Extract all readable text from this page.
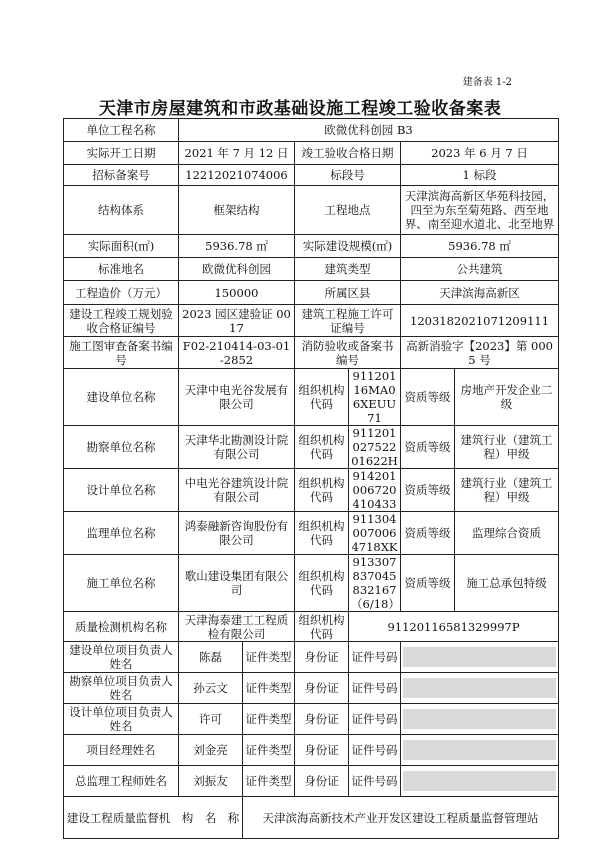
建备表 1-2
天津市房屋建筑和市政基础设施工程竣工验收备案表
单位工程名称	欧微优科创园 B3					
实际开工日期	2021 年 7 月 12 日		竣工验收合格日期		2023 年 6 月 7 日	
招标备案号	12212021074006		标段号		1 标段	
结构体系	框架结构		工程地点		天津滨海高新区华苑科技园，四至为东至菊苑路、西至地界、南至迎水道北、北至地界	
实际面积(㎡)	5936.78 ㎡		实际建设规模(㎡)		5936.78 ㎡	
标准地名	欧微优科创园		建筑类型		公共建筑	
工程造价（万元）	150000		所属区县		天津滨海高新区	
建设工程竣工规划验收合格证编号	2023 园区建验证 0017		建筑工程施工许可证编号		1203182021071209111	
施工图审查备案书编号	F02-210414-03-01-2852		消防验收或备案书编号		高新消验字【2023】第 0005 号	
建设单位名称	天津中电光谷发展有限公司		组织机构代码	91120116MA06XEUU71	资质等级	房地产开发企业二级
勘察单位名称	天津华北勘测设计院有限公司		组织机构代码	91120102752201622H	资质等级	建筑行业（建筑工程）甲级
设计单位名称	中电光谷建筑设计院有限公司		组织机构代码	914201006720410433	资质等级	建筑行业（建筑工程）甲级
监理单位名称	鸿泰融新咨询股份有限公司		组织机构代码	9113040070064718XK	资质等级	监理综合资质
施工单位名称	歌山建设集团有限公司		组织机构代码	913307837045832167（6/18）	资质等级	施工总承包特级
质量检测机构名称	天津海泰建工工程质检有限公司		组织机构代码	91120116581329997P		
建设单位项目负责人姓名	陈磊	证件类型	身份证	证件号码		

勘察单位项目负责人姓名	孙云文	证件类型	身份证	证件号码		

设计单位项目负责人姓名	许可	证件类型	身份证	证件号码		

项目经理姓名	刘金亮	证件类型	身份证	证件号码		

总监理工程师姓名	刘振友	证件类型	身份证	证件号码		

建设工程质量监督机　构　名　称		天津滨海高新技术产业开发区建设工程质量监督管理站				
